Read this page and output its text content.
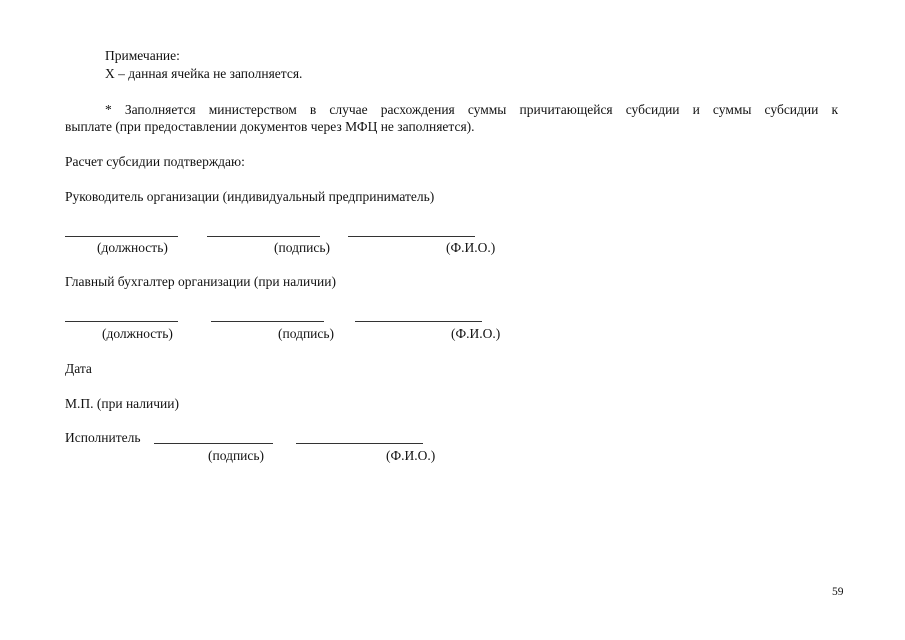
Примечание:
Х – данная ячейка не заполняется.
* Заполняется министерством в случае расхождения суммы причитающейся субсидии и суммы субсидии к
выплате (при предоставлении документов через МФЦ не заполняется).
Расчет субсидии подтверждаю:
Руководитель организации (индивидуальный предприниматель)
(должность)	(подпись)	(Ф.И.О.)
Главный бухгалтер организации (при наличии)
(должность)	(подпись)	(Ф.И.О.)
Дата
М.П. (при наличии)
Исполнитель
(подпись)	(Ф.И.О.)
59
